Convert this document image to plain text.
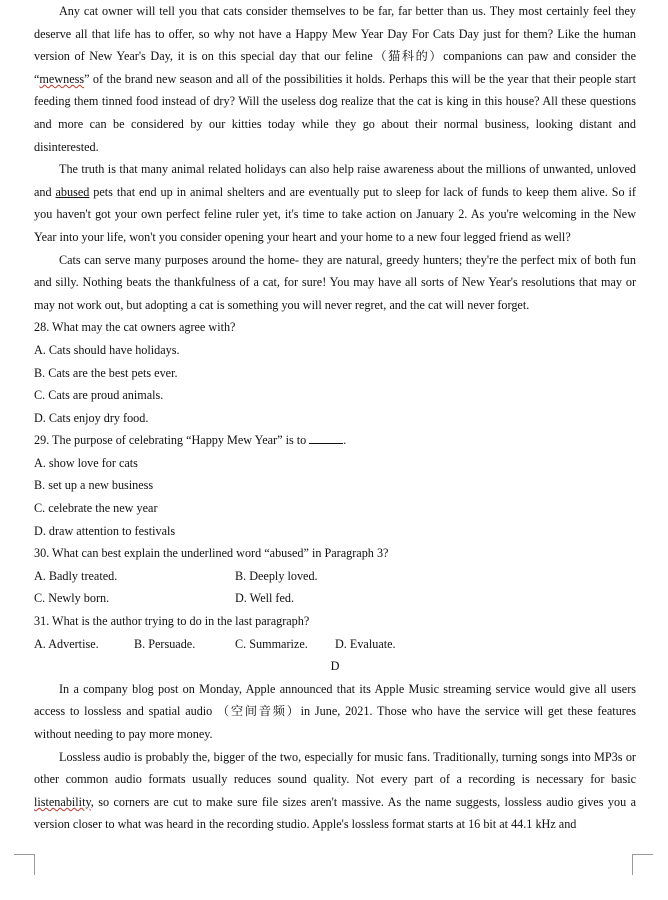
Any cat owner will tell you that cats consider themselves to be far, far better than us. They most certainly feel they deserve all that life has to offer, so why not have a Happy Mew Year Day For Cats Day just for them? Like the human version of New Year's Day, it is on this special day that our feline（猫科的）companions can paw and consider the “mewness” of the brand new season and all of the possibilities it holds. Perhaps this will be the year that their people start feeding them tinned food instead of dry? Will the useless dog realize that the cat is king in this house? All these questions and more can be considered by our kitties today while they go about their normal business, looking distant and disinterested.

The truth is that many animal related holidays can also help raise awareness about the millions of unwanted, unloved and abused pets that end up in animal shelters and are eventually put to sleep for lack of funds to keep them alive. So if you haven't got your own perfect feline ruler yet, it's time to take action on January 2. As you're welcoming in the New Year into your life, won't you consider opening your heart and your home to a new four legged friend as well?

Cats can serve many purposes around the home- they are natural, greedy hunters; they're the perfect mix of both fun and silly. Nothing beats the thankfulness of a cat, for sure! You may have all sorts of New Year's resolutions that may or may not work out, but adopting a cat is something you will never regret, and the cat will never forget.

28. What may the cat owners agree with?

A. Cats should have holidays.

B. Cats are the best pets ever.

C. Cats are proud animals.

D. Cats enjoy dry food.

29. The purpose of celebrating “Happy Mew Year” is to	.

A. show love for cats

B. set up a new business

C. celebrate the new year

D. draw attention to festivals

30. What can best explain the underlined word “abused” in Paragraph 3?

A. Badly treated.	B. Deeply loved.
C. Newly born.	D. Well fed.

31. What is the author trying to do in the last paragraph?

A. Advertise.	B. Persuade.	C. Summarize. D. Evaluate.

D

In a company blog post on Monday, Apple announced that its Apple Music streaming service would give all users access to lossless and spatial audio （空间音频）in June, 2021. Those who have the service will get these features without needing to pay more money.

Lossless audio is probably the, bigger of the two, especially for music fans. Traditionally, turning songs into MP3s or other common audio formats usually reduces sound quality. Not every part of a recording is necessary for basic listenability, so corners are cut to make sure file sizes aren't massive. As the name suggests, lossless audio gives you a version closer to what was heard in the recording studio. Apple's lossless format starts at 16 bit at 44.1 kHz and
